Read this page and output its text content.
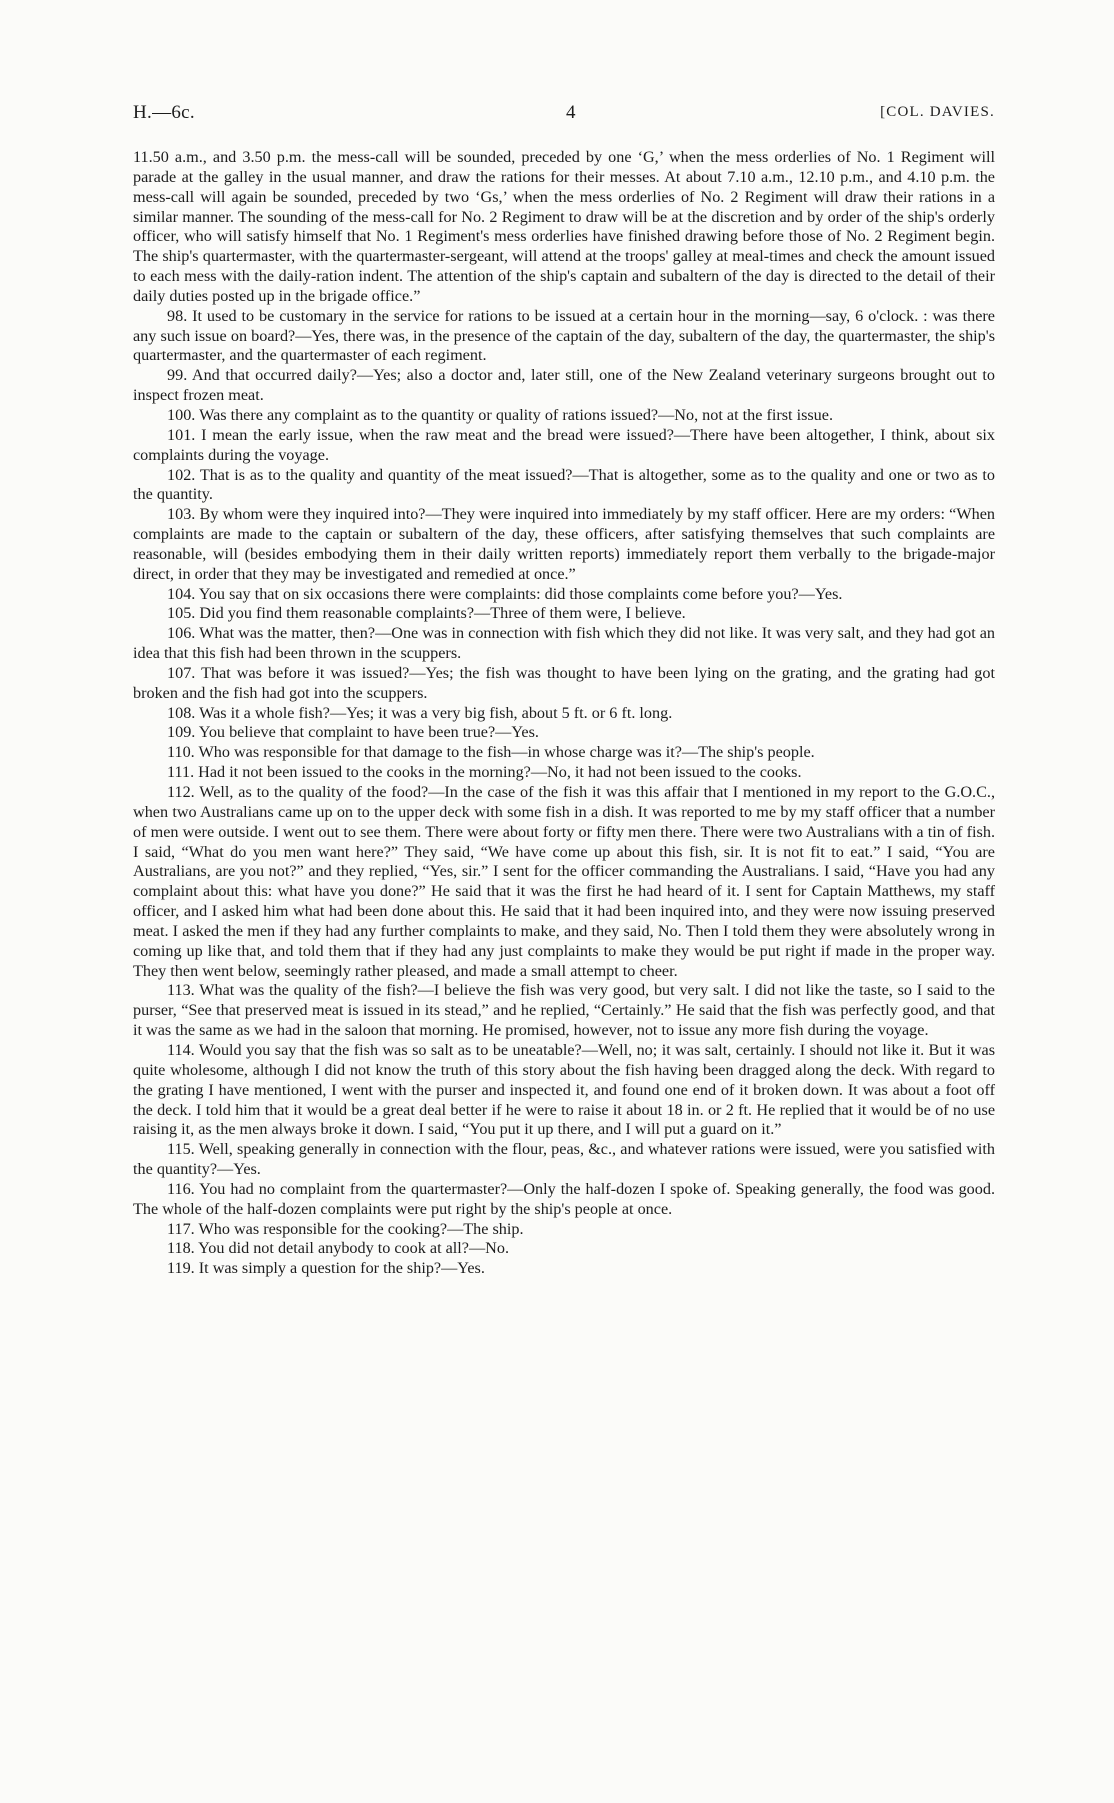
H.—6c.	4	[COL. DAVIES.

11.50 a.m., and 3.50 p.m. the mess-call will be sounded, preceded by one ‘G,’ when the mess orderlies of No. 1 Regiment will parade at the galley in the usual manner, and draw the rations for their messes. At about 7.10 a.m., 12.10 p.m., and 4.10 p.m. the mess-call will again be sounded, preceded by two ‘Gs,’ when the mess orderlies of No. 2 Regiment will draw their rations in a similar manner. The sounding of the mess-call for No. 2 Regiment to draw will be at the discretion and by order of the ship's orderly officer, who will satisfy himself that No. 1 Regiment's mess orderlies have finished drawing before those of No. 2 Regiment begin. The ship's quartermaster, with the quartermaster-sergeant, will attend at the troops' galley at meal-times and check the amount issued to each mess with the daily-ration indent. The attention of the ship's captain and subaltern of the day is directed to the detail of their daily duties posted up in the brigade office.”

98. It used to be customary in the service for rations to be issued at a certain hour in the morning—say, 6 o'clock. : was there any such issue on board?—Yes, there was, in the presence of the captain of the day, subaltern of the day, the quartermaster, the ship's quartermaster, and the quartermaster of each regiment.

99. And that occurred daily?—Yes; also a doctor and, later still, one of the New Zealand veterinary surgeons brought out to inspect frozen meat.

100. Was there any complaint as to the quantity or quality of rations issued?—No, not at the first issue.

101. I mean the early issue, when the raw meat and the bread were issued?—There have been altogether, I think, about six complaints during the voyage.

102. That is as to the quality and quantity of the meat issued?—That is altogether, some as to the quality and one or two as to the quantity.

103. By whom were they inquired into?—They were inquired into immediately by my staff officer. Here are my orders: “When complaints are made to the captain or subaltern of the day, these officers, after satisfying themselves that such complaints are reasonable, will (besides embodying them in their daily written reports) immediately report them verbally to the brigade-major direct, in order that they may be investigated and remedied at once.”

104. You say that on six occasions there were complaints: did those complaints come before you?—Yes.

105. Did you find them reasonable complaints?—Three of them were, I believe.

106. What was the matter, then?—One was in connection with fish which they did not like. It was very salt, and they had got an idea that this fish had been thrown in the scuppers.

107. That was before it was issued?—Yes; the fish was thought to have been lying on the grating, and the grating had got broken and the fish had got into the scuppers.

108. Was it a whole fish?—Yes; it was a very big fish, about 5 ft. or 6 ft. long.

109. You believe that complaint to have been true?—Yes.

110. Who was responsible for that damage to the fish—in whose charge was it?—The ship's people.

111. Had it not been issued to the cooks in the morning?—No, it had not been issued to the cooks.

112. Well, as to the quality of the food?—In the case of the fish it was this affair that I mentioned in my report to the G.O.C., when two Australians came up on to the upper deck with some fish in a dish. It was reported to me by my staff officer that a number of men were outside. I went out to see them. There were about forty or fifty men there. There were two Australians with a tin of fish. I said, “What do you men want here?” They said, “We have come up about this fish, sir. It is not fit to eat.” I said, “You are Australians, are you not?” and they replied, “Yes, sir.” I sent for the officer commanding the Australians. I said, “Have you had any complaint about this: what have you done?” He said that it was the first he had heard of it. I sent for Captain Matthews, my staff officer, and I asked him what had been done about this. He said that it had been inquired into, and they were now issuing preserved meat. I asked the men if they had any further complaints to make, and they said, No. Then I told them they were absolutely wrong in coming up like that, and told them that if they had any just complaints to make they would be put right if made in the proper way. They then went below, seemingly rather pleased, and made a small attempt to cheer.

113. What was the quality of the fish?—I believe the fish was very good, but very salt. I did not like the taste, so I said to the purser, “See that preserved meat is issued in its stead,” and he replied, “Certainly.” He said that the fish was perfectly good, and that it was the same as we had in the saloon that morning. He promised, however, not to issue any more fish during the voyage.

114. Would you say that the fish was so salt as to be uneatable?—Well, no; it was salt, certainly. I should not like it. But it was quite wholesome, although I did not know the truth of this story about the fish having been dragged along the deck. With regard to the grating I have mentioned, I went with the purser and inspected it, and found one end of it broken down. It was about a foot off the deck. I told him that it would be a great deal better if he were to raise it about 18 in. or 2 ft. He replied that it would be of no use raising it, as the men always broke it down. I said, “You put it up there, and I will put a guard on it.”

115. Well, speaking generally in connection with the flour, peas, &c., and whatever rations were issued, were you satisfied with the quantity?—Yes.

116. You had no complaint from the quartermaster?—Only the half-dozen I spoke of. Speaking generally, the food was good. The whole of the half-dozen complaints were put right by the ship's people at once.

117. Who was responsible for the cooking?—The ship.

118. You did not detail anybody to cook at all?—No.

119. It was simply a question for the ship?—Yes.
